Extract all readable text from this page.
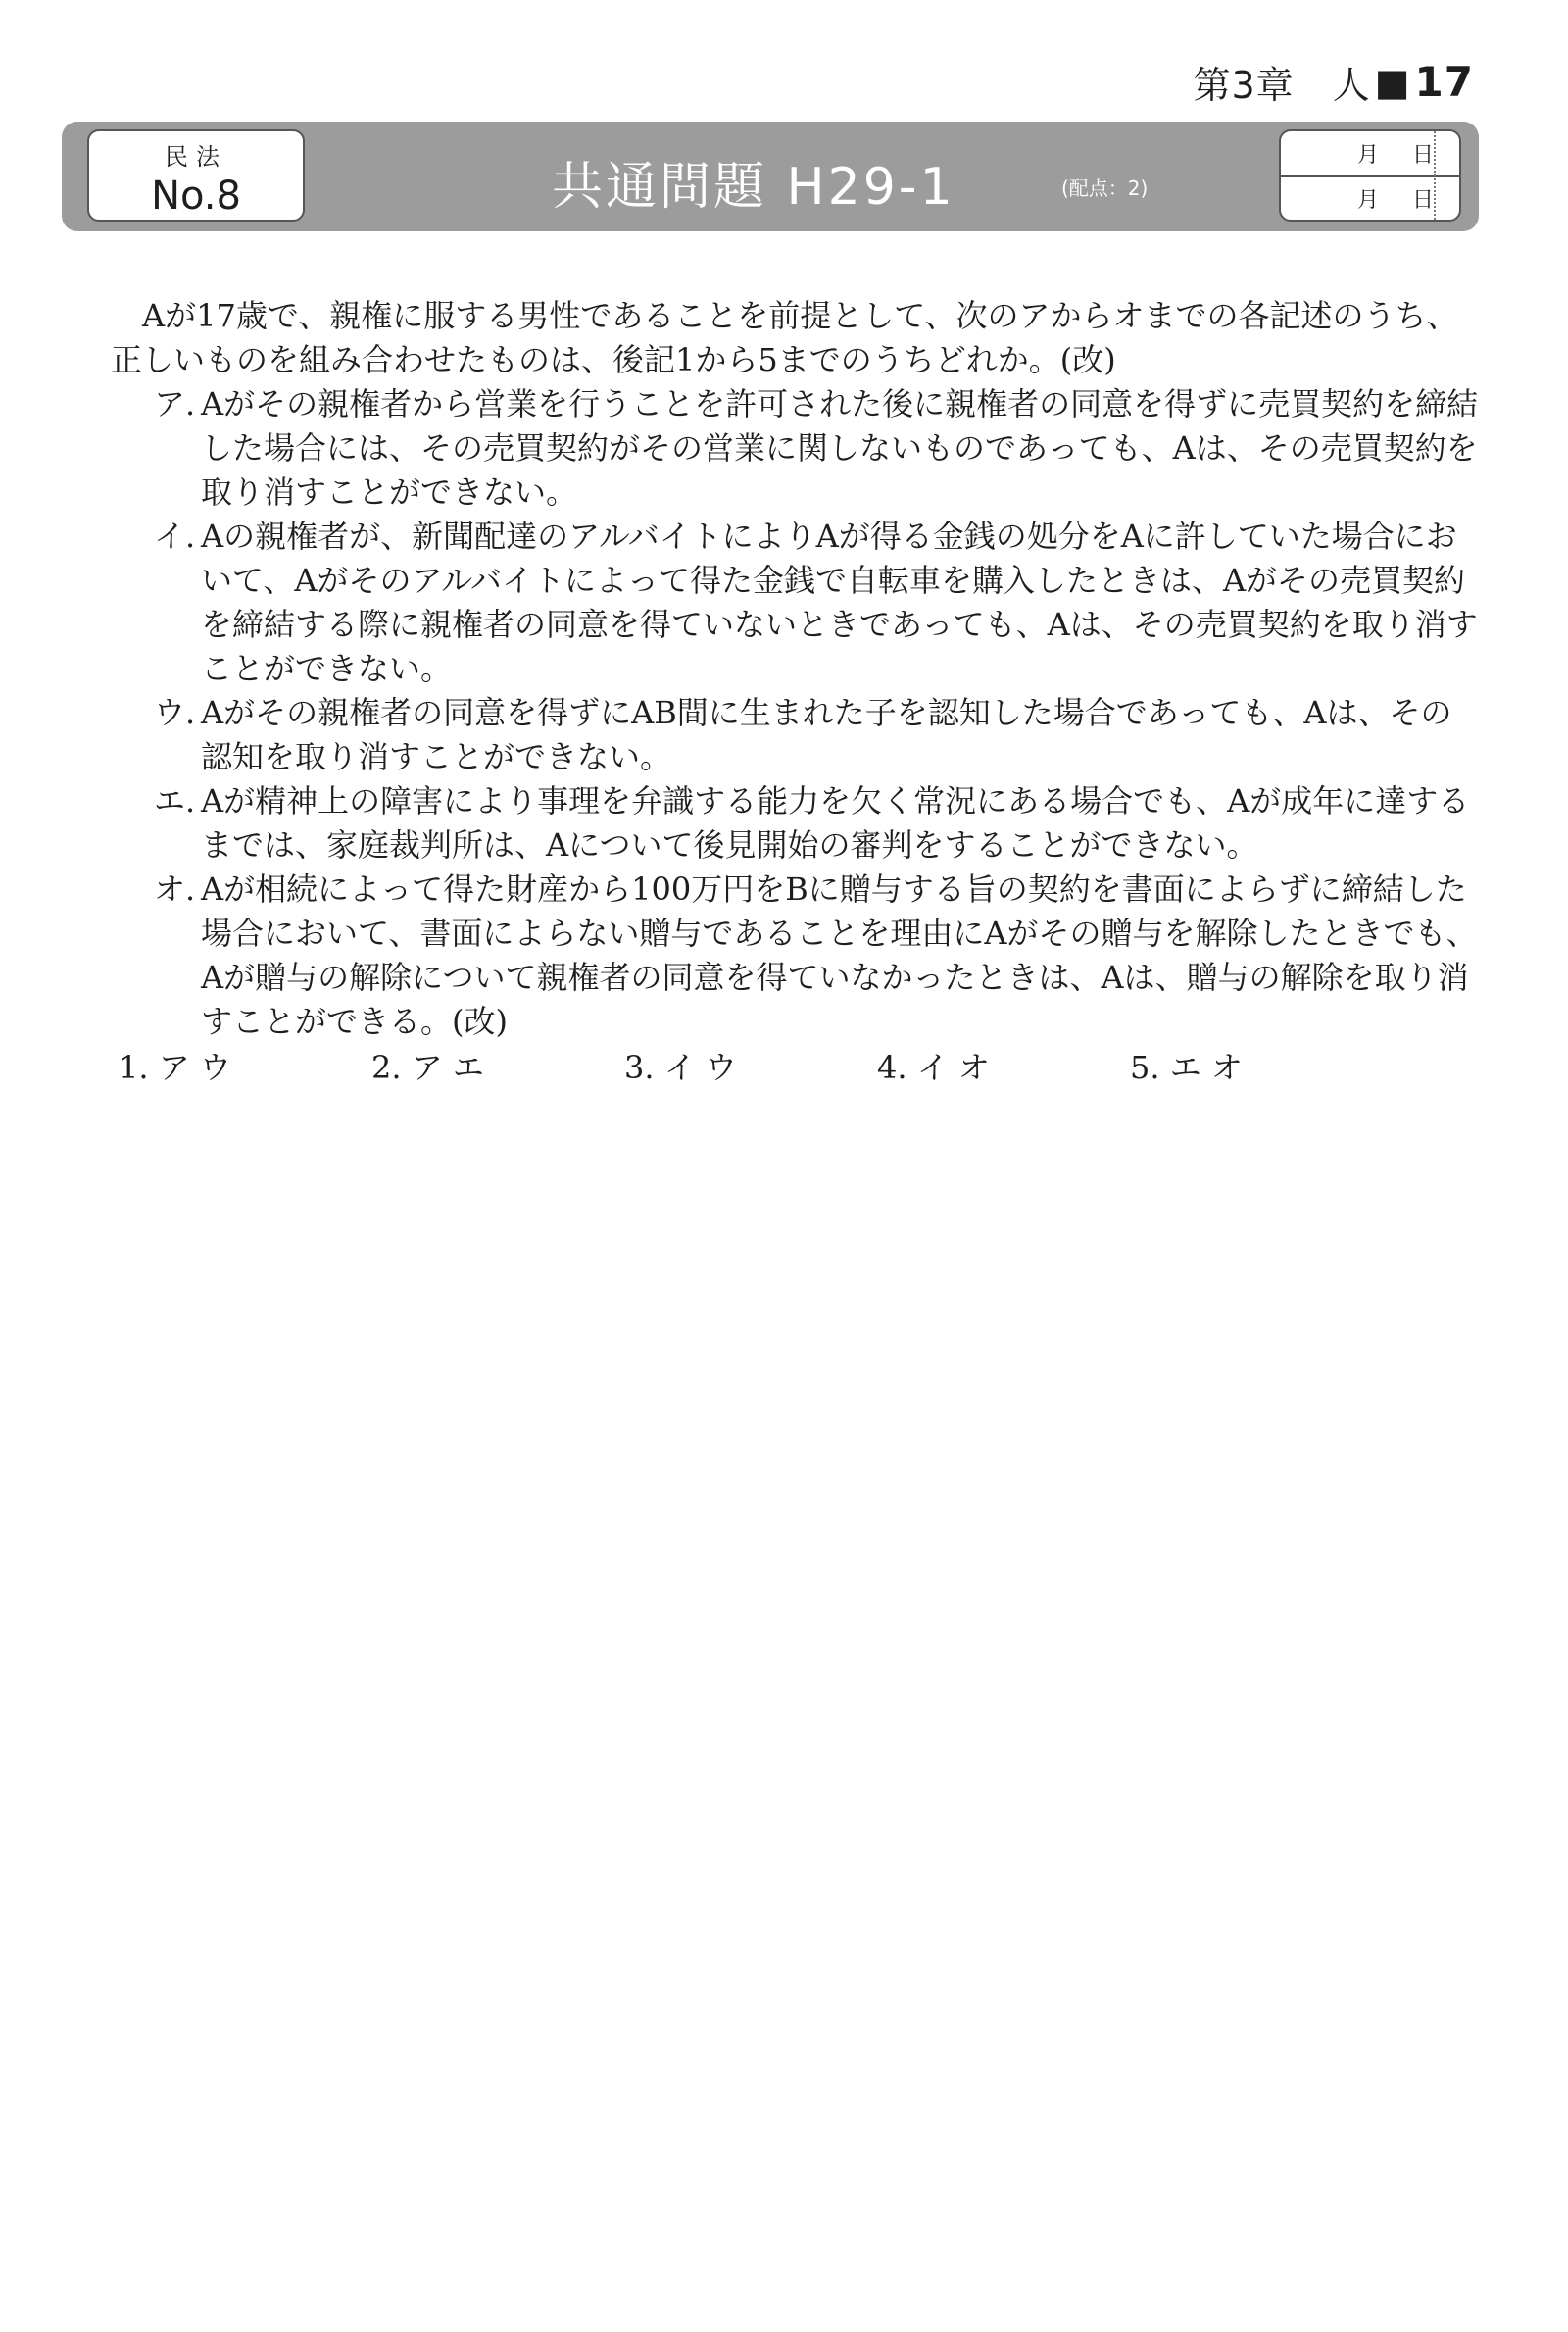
第3章　人 ■ 17
民法
No.8	共通問題 H29-1	(配点：2)
月 日
月 日

Aが17歳で、親権に服する男性であることを前提として、次のアからオまでの各記述のうち、正しいものを組み合わせたものは、後記1から5までのうちどれか。(改)

ア. Aがその親権者から営業を行うことを許可された後に親権者の同意を得ずに売買契約を締結した場合には、その売買契約がその営業に関しないものであっても、Aは、その売買契約を取り消すことができない。
イ. Aの親権者が、新聞配達のアルバイトによりAが得る金銭の処分をAに許していた場合において、Aがそのアルバイトによって得た金銭で自転車を購入したときは、Aがその売買契約を締結する際に親権者の同意を得ていないときであっても、Aは、その売買契約を取り消すことができない。
ウ. Aがその親権者の同意を得ずにAB間に生まれた子を認知した場合であっても、Aは、その認知を取り消すことができない。
エ. Aが精神上の障害により事理を弁識する能力を欠く常況にある場合でも、Aが成年に達するまでは、家庭裁判所は、Aについて後見開始の審判をすることができない。
オ. Aが相続によって得た財産から100万円をBに贈与する旨の契約を書面によらずに締結した場合において、書面によらない贈与であることを理由にAがその贈与を解除したときでも、Aが贈与の解除について親権者の同意を得ていなかったときは、Aは、贈与の解除を取り消すことができる。(改)
1. ア ウ	2. ア エ	3. イ ウ	4. イ オ	5. エ オ
